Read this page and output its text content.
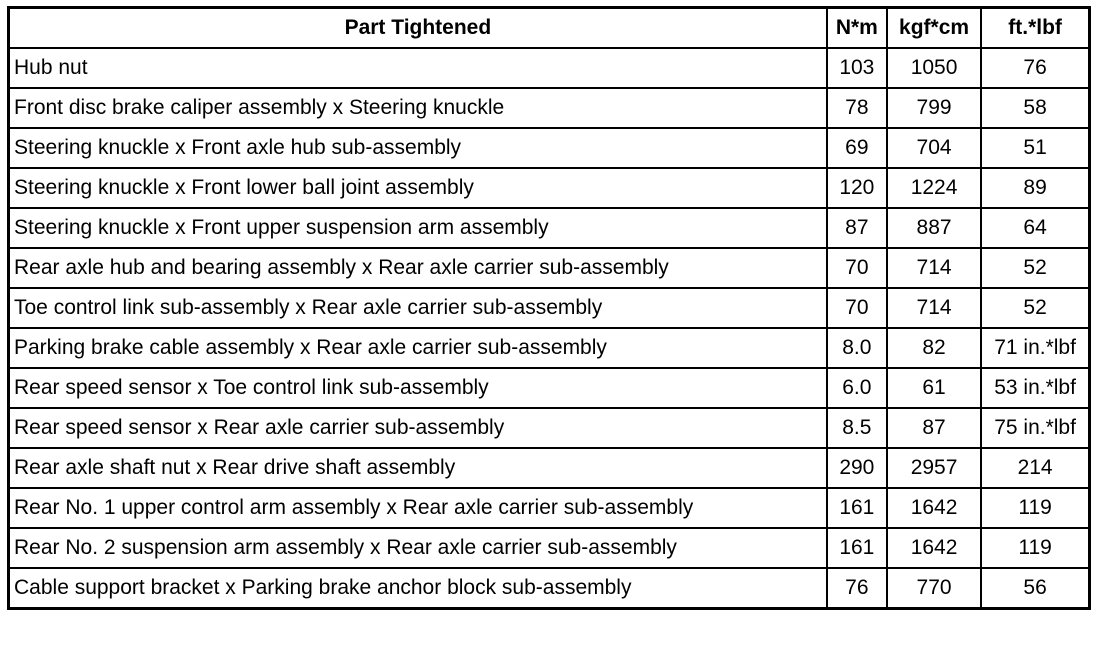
Part Tightened	N*m	kgf*cm	ft.*lbf
Hub nut	103	1050	76
Front disc brake caliper assembly x Steering knuckle	78	799	58
Steering knuckle x Front axle hub sub-assembly	69	704	51
Steering knuckle x Front lower ball joint assembly	120	1224	89
Steering knuckle x Front upper suspension arm assembly	87	887	64
Rear axle hub and bearing assembly x Rear axle carrier sub-assembly	70	714	52
Toe control link sub-assembly x Rear axle carrier sub-assembly	70	714	52
Parking brake cable assembly x Rear axle carrier sub-assembly	8.0	82	71 in.*lbf
Rear speed sensor x Toe control link sub-assembly	6.0	61	53 in.*lbf
Rear speed sensor x Rear axle carrier sub-assembly	8.5	87	75 in.*lbf
Rear axle shaft nut x Rear drive shaft assembly	290	2957	214
Rear No. 1 upper control arm assembly x Rear axle carrier sub-assembly	161	1642	119
Rear No. 2 suspension arm assembly x Rear axle carrier sub-assembly	161	1642	119
Cable support bracket x Parking brake anchor block sub-assembly	76	770	56
